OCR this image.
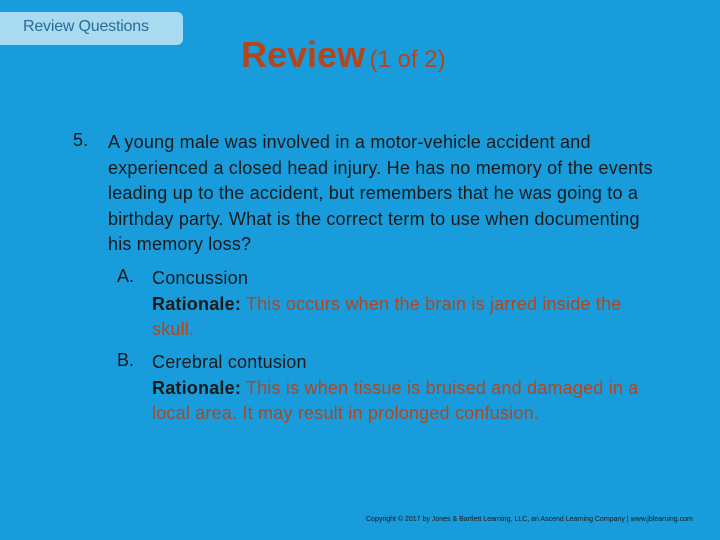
Review Questions
Review (1 of 2)
5. A young male was involved in a motor-vehicle accident and experienced a closed head injury. He has no memory of the events leading up to the accident, but remembers that he was going to a birthday party. What is the correct term to use when documenting his memory loss?
A. Concussion
Rationale: This occurs when the brain is jarred inside the skull.
B. Cerebral contusion
Rationale: This is when tissue is bruised and damaged in a local area. It may result in prolonged confusion.
Copyright © 2017 by Jones & Bartlett Learning, LLC, an Ascend Learning Company | www.jblearning.com
